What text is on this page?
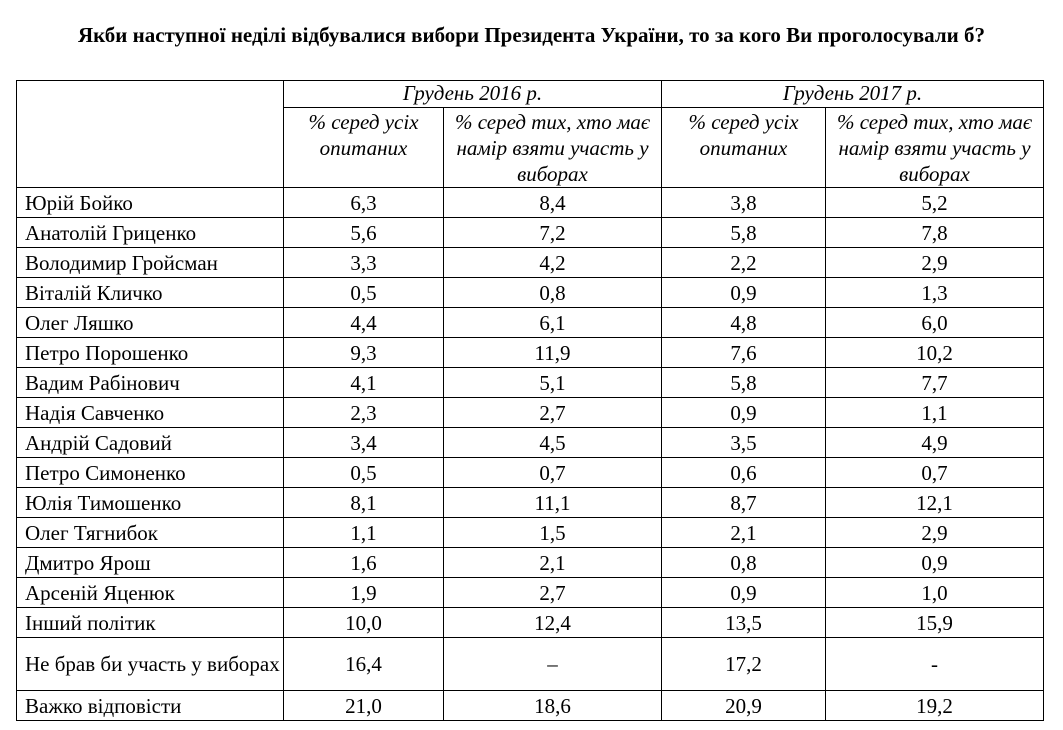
Якби наступної неділі відбувалися вибори Президента України, то за кого Ви проголосували б?
	Грудень 2016 р.		Грудень 2017 р.	
	% серед усіх опитаних	% серед тих, хто має намір взяти участь у виборах	% серед усіх опитаних	% серед тих, хто має намір взяти участь у виборах
Юрій Бойко	6,3	8,4	3,8	5,2
Анатолій Гриценко	5,6	7,2	5,8	7,8
Володимир Гройсман	3,3	4,2	2,2	2,9
Віталій Кличко	0,5	0,8	0,9	1,3
Олег Ляшко	4,4	6,1	4,8	6,0
Петро Порошенко	9,3	11,9	7,6	10,2
Вадим Рабінович	4,1	5,1	5,8	7,7
Надія Савченко	2,3	2,7	0,9	1,1
Андрій Садовий	3,4	4,5	3,5	4,9
Петро Симоненко	0,5	0,7	0,6	0,7
Юлія Тимошенко	8,1	11,1	8,7	12,1
Олег Тягнибок	1,1	1,5	2,1	2,9
Дмитро Ярош	1,6	2,1	0,8	0,9
Арсеній Яценюк	1,9	2,7	0,9	1,0
Інший політик	10,0	12,4	13,5	15,9
Не брав би участь у виборах	16,4	–	17,2	-
Важко відповісти	21,0	18,6	20,9	19,2
